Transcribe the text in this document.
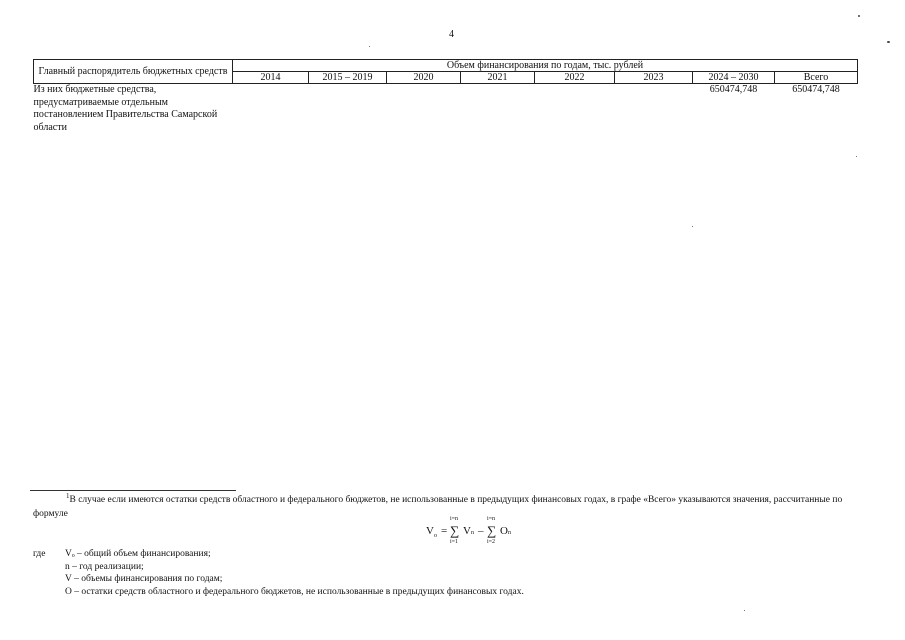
4
Главный распорядитель бюджетных средств	Объем финансирования по годам, тыс. рублей							
	2014	2015 – 2019	2020	2021	2022	2023	2024 – 2030	Всего
Из них бюджетные средства, предусматриваемые отдельным постановлением Правительства Самарской области							650474,748	650474,748
$^1$В случае если имеются остатки средств областного и федерального бюджетов, не использованные в предыдущих финансовых годах, в графе «Всего» указываются значения, рассчитанные по формуле
$V_о$ =
i=n
∑
i=1
Vn –
i=n
∑
i=2
On
где Vₒ – общий объем финансирования;
n – год реализации;
V – объемы финансирования по годам;
О – остатки средств областного и федерального бюджетов, не использованные в предыдущих финансовых годах.
